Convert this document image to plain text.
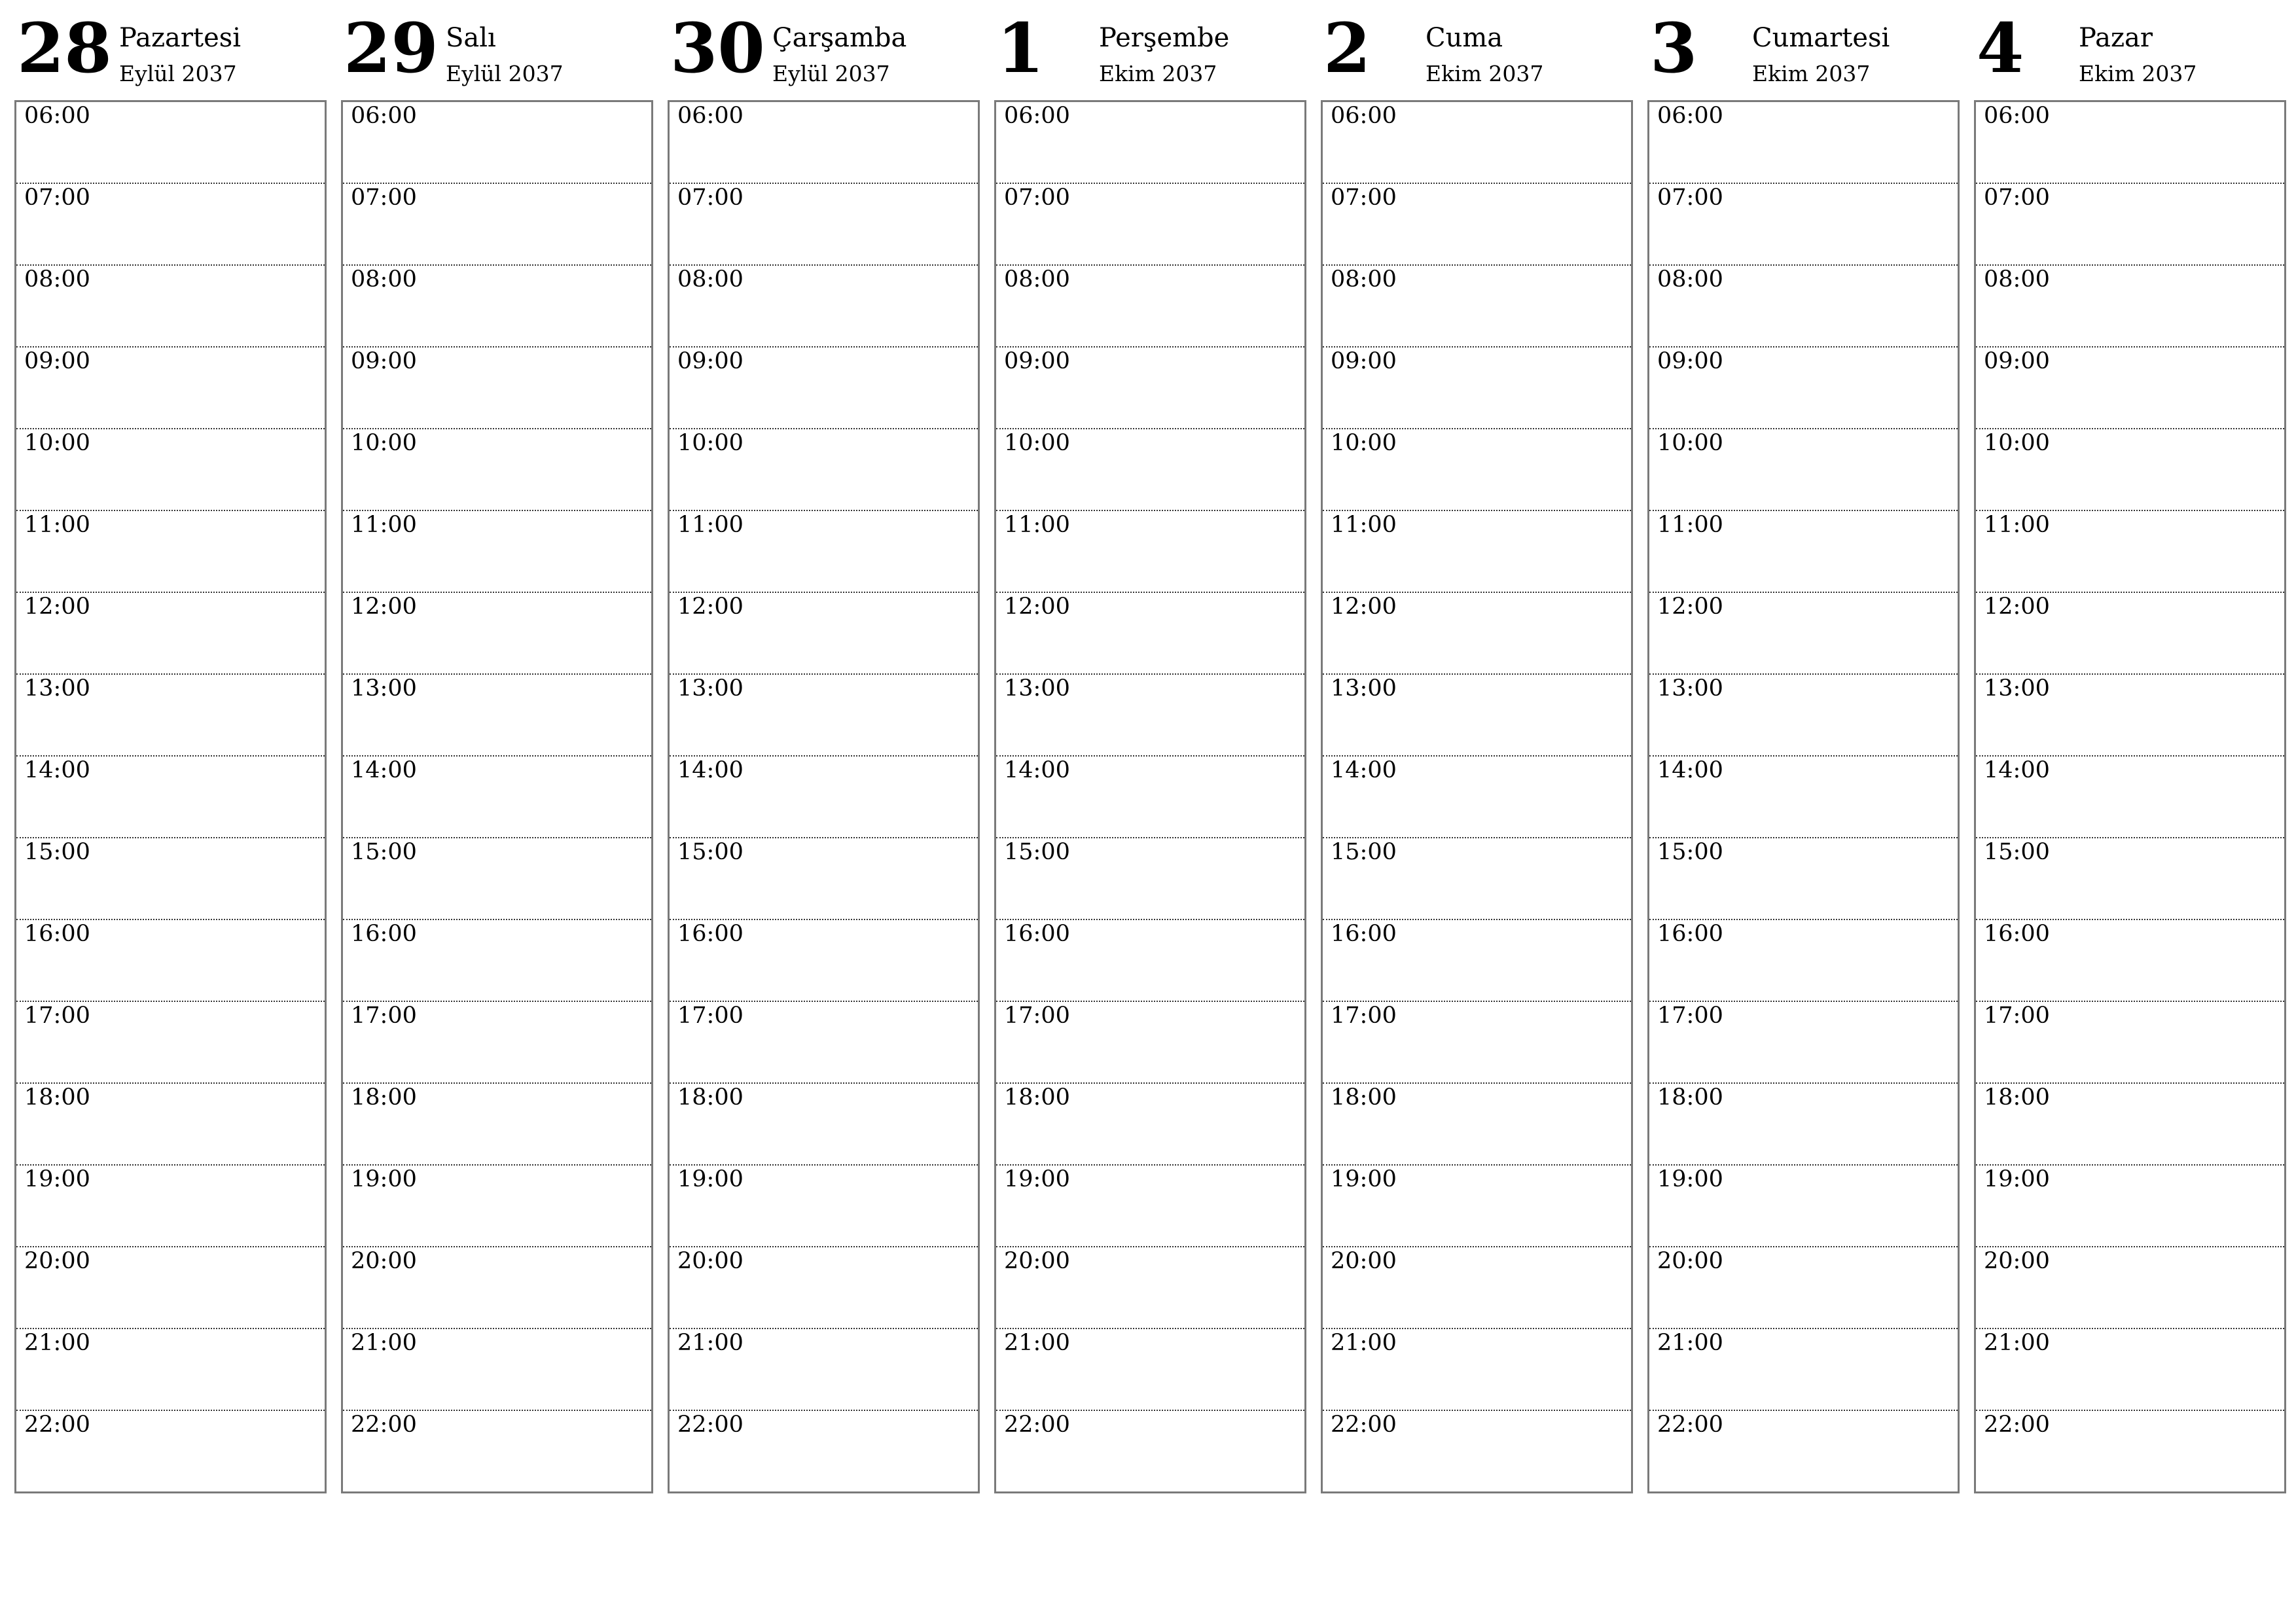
28 Pazartesi
Eylül 2037
06:00
07:00
08:00
09:00
10:00
11:00
12:00
13:00
14:00
15:00
16:00
17:00
18:00
19:00
20:00
21:00
22:00
29 Salı
Eylül 2037
06:00
07:00
08:00
09:00
10:00
11:00
12:00
13:00
14:00
15:00
16:00
17:00
18:00
19:00
20:00
21:00
22:00
30 Çarşamba
Eylül 2037
06:00
07:00
08:00
09:00
10:00
11:00
12:00
13:00
14:00
15:00
16:00
17:00
18:00
19:00
20:00
21:00
22:00
1 Perşembe
Ekim 2037
06:00
07:00
08:00
09:00
10:00
11:00
12:00
13:00
14:00
15:00
16:00
17:00
18:00
19:00
20:00
21:00
22:00
2 Cuma
Ekim 2037
06:00
07:00
08:00
09:00
10:00
11:00
12:00
13:00
14:00
15:00
16:00
17:00
18:00
19:00
20:00
21:00
22:00
3 Cumartesi
Ekim 2037
06:00
07:00
08:00
09:00
10:00
11:00
12:00
13:00
14:00
15:00
16:00
17:00
18:00
19:00
20:00
21:00
22:00
4 Pazar
Ekim 2037
06:00
07:00
08:00
09:00
10:00
11:00
12:00
13:00
14:00
15:00
16:00
17:00
18:00
19:00
20:00
21:00
22:00
